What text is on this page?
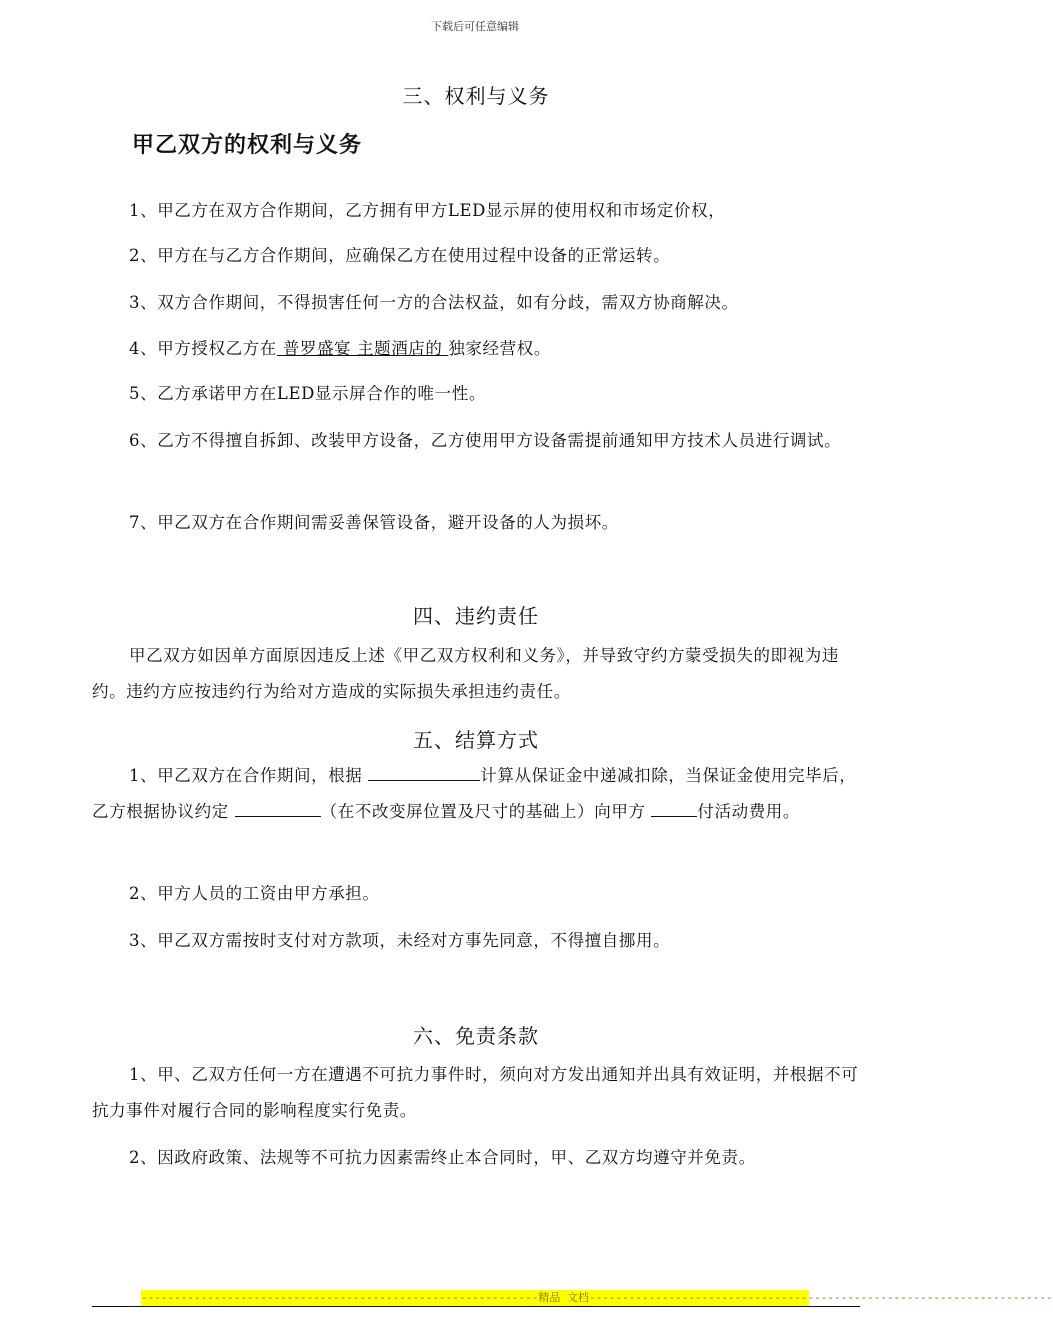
下载后可任意编辑
三、权利与义务
甲乙双方的权利与义务
1、甲乙方在双方合作期间，乙方拥有甲方LED显示屏的使用权和市场定价权，
2、甲方在与乙方合作期间，应确保乙方在使用过程中设备的正常运转。
3、双方合作期间，不得损害任何一方的合法权益，如有分歧，需双方协商解决。
4、甲方授权乙方在 普罗盛宴 主题酒店的 独家经营权。
5、乙方承诺甲方在LED显示屏合作的唯一性。
6、乙方不得擅自拆卸、改装甲方设备，乙方使用甲方设备需提前通知甲方技术人员进行调试。
7、甲乙双方在合作期间需妥善保管设备，避开设备的人为损坏。
四、违约责任
甲乙双方如因单方面原因违反上述《甲乙双方权利和义务》，并导致守约方蒙受损失的即视为违约。违约方应按违约行为给对方造成的实际损失承担违约责任。
五、结算方式
1、甲乙双方在合作期间，根据	计算从保证金中递减扣除，当保证金使用完毕后，乙方根据协议约定	（在不改变屏位置及尺寸的基础上）向甲方	付活动费用。
2、甲方人员的工资由甲方承担。
3、甲乙双方需按时支付对方款项，未经对方事先同意，不得擅自挪用。
六、免责条款
1、甲、乙双方任何一方在遭遇不可抗力事件时，须向对方发出通知并出具有效证明，并根据不可抗力事件对履行合同的影响程度实行免责。
2、因政府政策、法规等不可抗力因素需终止本合同时，甲、乙双方均遵守并免责。
------------------------------------------------------------精品 文档----------------------------------------------------------------------
